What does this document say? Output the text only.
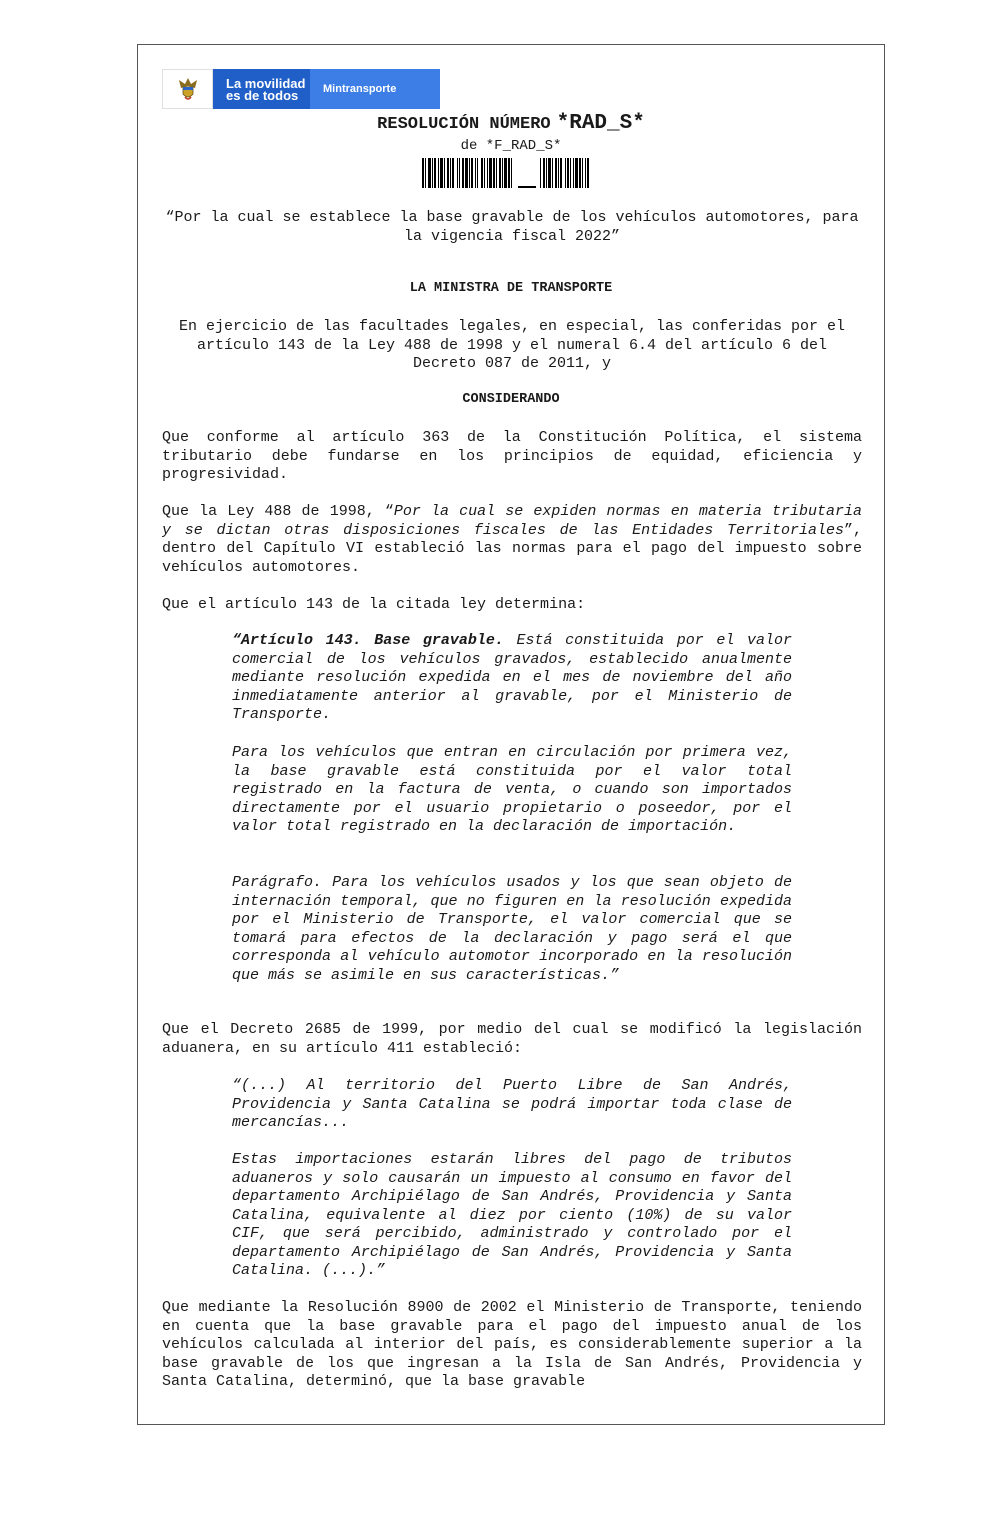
La movilidad
es de todos	Mintransporte
RESOLUCIÓN NÚMERO *RAD_S*
de *F_RAD_S*
“Por la cual se establece la base gravable de los vehículos automotores, para la vigencia fiscal 2022”
LA MINISTRA DE TRANSPORTE
En ejercicio de las facultades legales, en especial, las conferidas por el artículo 143 de la Ley 488 de 1998 y el numeral 6.4 del artículo 6 del Decreto 087 de 2011, y
CONSIDERANDO
Que conforme al artículo 363 de la Constitución Política, el sistema tributario debe fundarse en los principios de equidad, eficiencia y progresividad.
Que la Ley 488 de 1998, “Por la cual se expiden normas en materia tributaria y se dictan otras disposiciones fiscales de las Entidades Territoriales”, dentro del Capítulo VI estableció las normas para el pago del impuesto sobre vehículos automotores.
Que el artículo 143 de la citada ley determina:
“Artículo 143. Base gravable. Está constituida por el valor comercial de los vehículos gravados, establecido anualmente mediante resolución expedida en el mes de noviembre del año inmediatamente anterior al gravable, por el Ministerio de Transporte.
Para los vehículos que entran en circulación por primera vez, la base gravable está constituida por el valor total registrado en la factura de venta, o cuando son importados directamente por el usuario propietario o poseedor, por el valor total registrado en la declaración de importación.
Parágrafo. Para los vehículos usados y los que sean objeto de internación temporal, que no figuren en la resolución expedida por el Ministerio de Transporte, el valor comercial que se tomará para efectos de la declaración y pago será el que corresponda al vehículo automotor incorporado en la resolución que más se asimile en sus características.”
Que el Decreto 2685 de 1999, por medio del cual se modificó la legislación aduanera, en su artículo 411 estableció:
“(...) Al territorio del Puerto Libre de San Andrés, Providencia y Santa Catalina se podrá importar toda clase de mercancías...
Estas importaciones estarán libres del pago de tributos aduaneros y solo causarán un impuesto al consumo en favor del departamento Archipiélago de San Andrés, Providencia y Santa Catalina, equivalente al diez por ciento (10%) de su valor CIF, que será percibido, administrado y controlado por el departamento Archipiélago de San Andrés, Providencia y Santa Catalina. (...).”
Que mediante la Resolución 8900 de 2002 el Ministerio de Transporte, teniendo en cuenta que la base gravable para el pago del impuesto anual de los vehículos calculada al interior del país, es considerablemente superior a la base gravable de los que ingresan a la Isla de San Andrés, Providencia y Santa Catalina, determinó, que la base gravable
